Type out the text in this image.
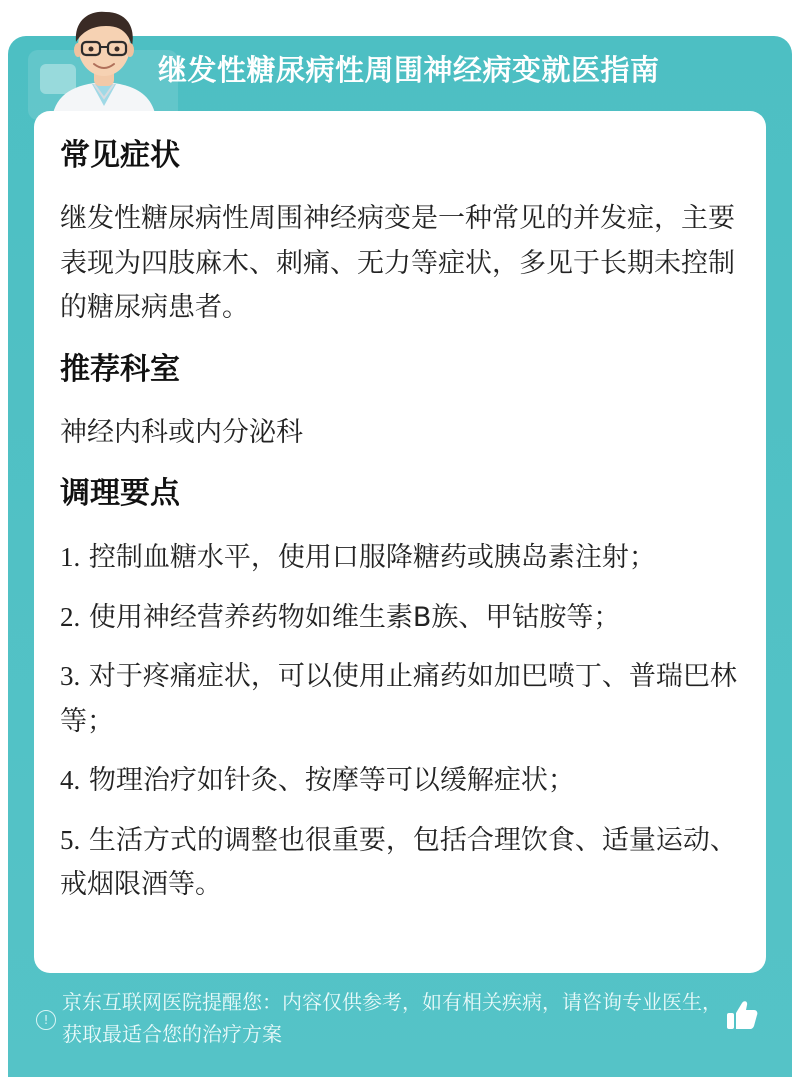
继发性糖尿病性周围神经病变就医指南
常见症状

继发性糖尿病性周围神经病变是一种常见的并发症，主要表现为四肢麻木、刺痛、无力等症状，多见于长期未控制的糖尿病患者。

推荐科室

神经内科或内分泌科

调理要点

1. 控制血糖水平，使用口服降糖药或胰岛素注射；

2. 使用神经营养药物如维生素B族、甲钴胺等；

3. 对于疼痛症状，可以使用止痛药如加巴喷丁、普瑞巴林等；

4. 物理治疗如针灸、按摩等可以缓解症状；

5. 生活方式的调整也很重要，包括合理饮食、适量运动、戒烟限酒等。

!
京东互联网医院提醒您：内容仅供参考，如有相关疾病，请咨询专业医生，获取最适合您的治疗方案
